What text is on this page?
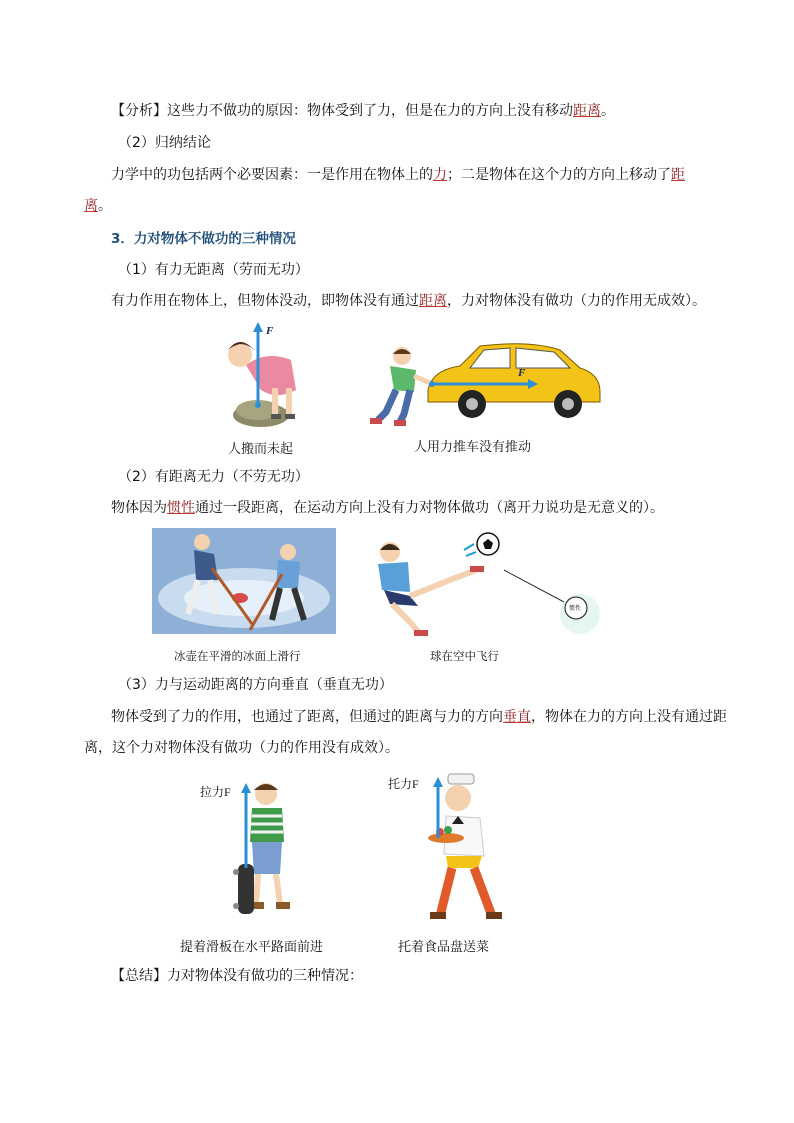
【分析】这些力不做功的原因：物体受到了力，但是在力的方向上没有移动距离。
（2）归纳结论
力学中的功包括两个必要因素：一是作用在物体上的力；二是物体在这个力的方向上移动了距
离。
3．力对物体不做功的三种情况
（1）有力无距离（劳而无功）
有力作用在物体上，但物体没动，即物体没有通过距离，力对物体没有做功（力的作用无成效）。
F
人搬而未起
F
人用力推车没有推动
（2）有距离无力（不劳无功）
物体因为惯性通过一段距离，在运动方向上没有力对物体做功（离开力说功是无意义的）。
冰壶在平滑的冰面上滑行
惯性
球在空中飞行
（3）力与运动距离的方向垂直（垂直无功）
物体受到了力的作用，也通过了距离，但通过的距离与力的方向垂直，物体在力的方向上没有通过距
离，这个力对物体没有做功（力的作用没有成效）。
拉力F
提着滑板在水平路面前进
托力F
托着食品盘送菜
【总结】力对物体没有做功的三种情况：
